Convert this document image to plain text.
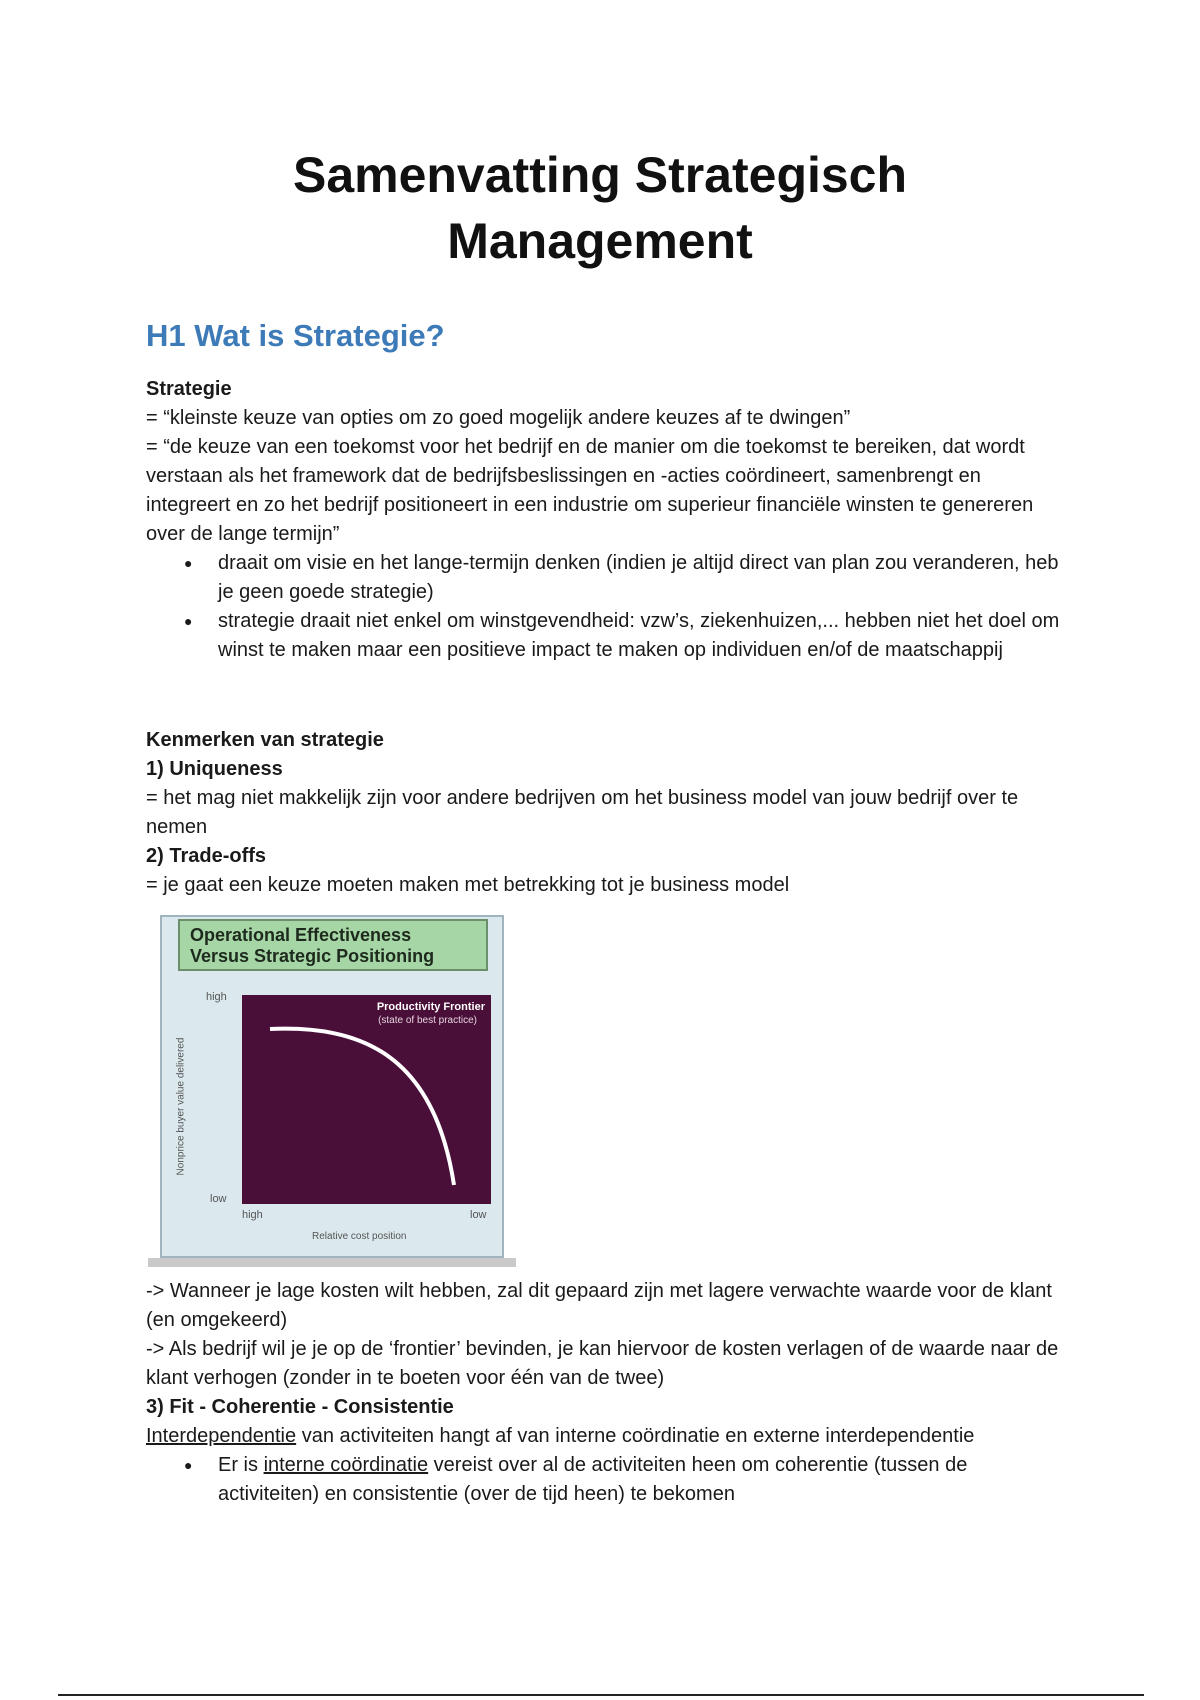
Samenvatting Strategisch
Management
H1 Wat is Strategie?

Strategie

= “kleinste keuze van opties om zo goed mogelijk andere keuzes af te dwingen”

= “de keuze van een toekomst voor het bedrijf en de manier om die toekomst te bereiken, dat wordt verstaan als het framework dat de bedrijfsbeslissingen en -acties coördineert, samenbrengt en integreert en zo het bedrijf positioneert in een industrie om superieur financiële winsten te genereren over de lange termijn”

● draait om visie en het lange-termijn denken (indien je altijd direct van plan zou veranderen, heb je geen goede strategie)
● strategie draait niet enkel om winstgevendheid: vzw’s, ziekenhuizen,... hebben niet het doel om winst te maken maar een positieve impact te maken op individuen en/of de maatschappij

Kenmerken van strategie

1) Uniqueness

= het mag niet makkelijk zijn voor andere bedrijven om het business model van jouw bedrijf over te nemen

2) Trade-offs

= je gaat een keuze moeten maken met betrekking tot je business model

Operational Effectiveness
Versus Strategic Positioning
high
low
Nonprice buyer value delivered
Productivity Frontier
(state of best practice)
high	low
Relative cost position

-> Wanneer je lage kosten wilt hebben, zal dit gepaard zijn met lagere verwachte waarde voor de klant (en omgekeerd)

-> Als bedrijf wil je je op de ‘frontier’ bevinden, je kan hiervoor de kosten verlagen of de waarde naar de klant verhogen (zonder in te boeten voor één van de twee)

3) Fit - Coherentie - Consistentie

Interdependentie van activiteiten hangt af van interne coördinatie en externe interdependentie

● Er is interne coördinatie vereist over al de activiteiten heen om coherentie (tussen de activiteiten) en consistentie (over de tijd heen) te bekomen
